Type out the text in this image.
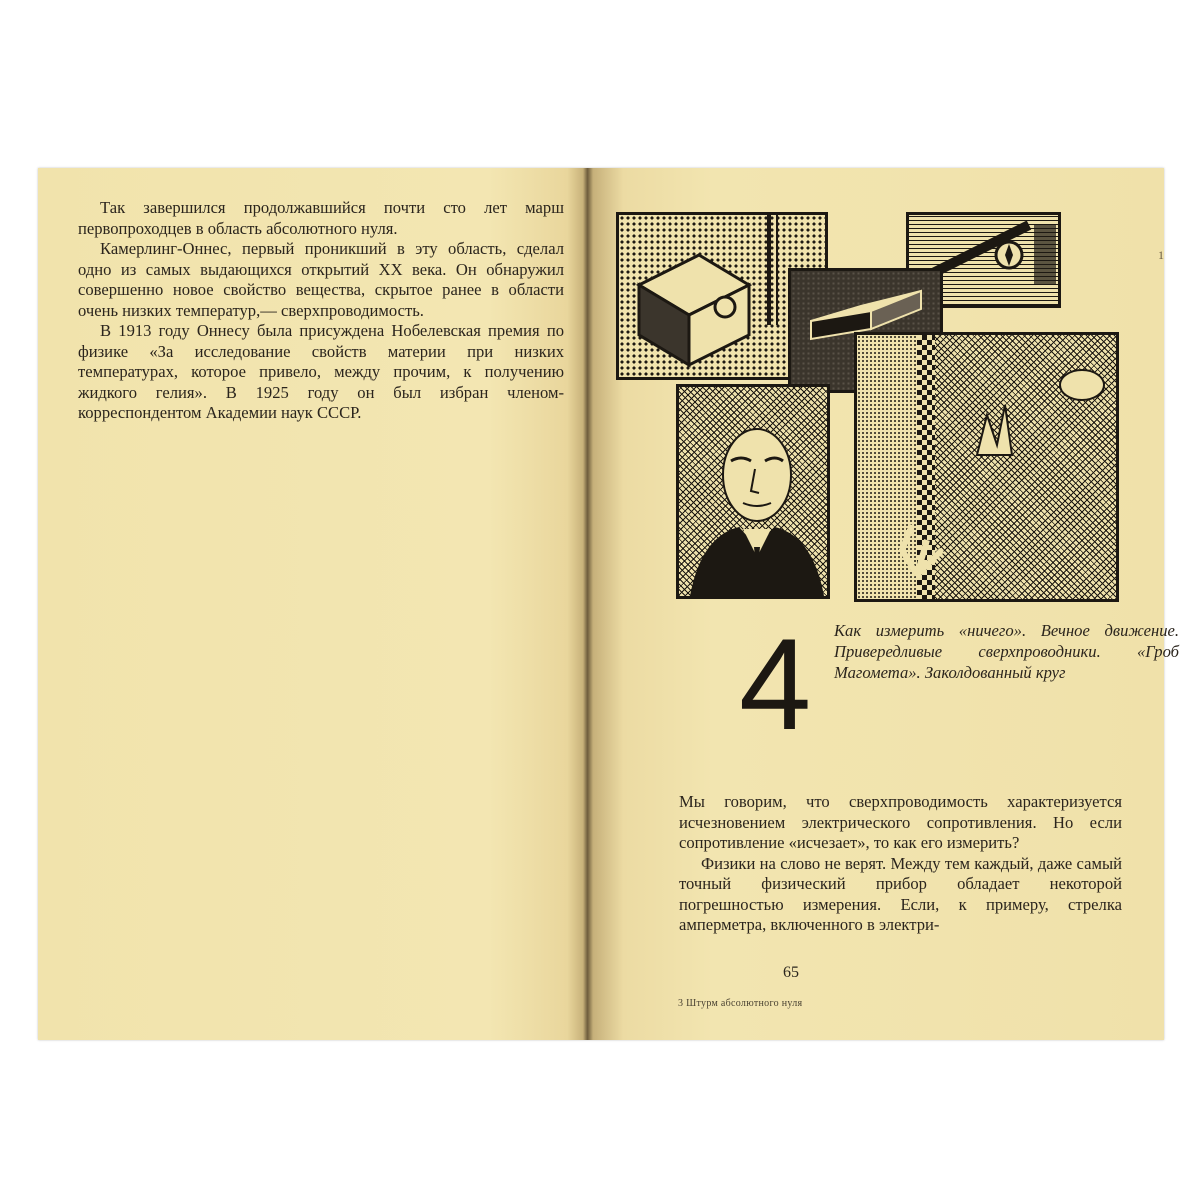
Так завершился продолжавшийся почти сто лет марш первопроходцев в область абсолютного нуля.

Камерлинг-Оннес, первый проникший в эту область, сделал одно из самых выдающихся открытий XX века. Он обнаружил совершенно новое свойство вещества, скрытое ранее в области очень низких температур,— сверхпроводимость.

В 1913 году Оннесу была присуждена Нобелевская премия по физике «За исследование свойств материи при низких температурах, которое привело, между прочим, к получению жидкого гелия». В 1925 году он был избран членом-корреспондентом Академии наук СССР.

1
4 Как измерить «ничего». Вечное движение. Привередливые сверхпроводники. «Гроб Магомета». Заколдованный круг

Мы говорим, что сверхпроводимость характеризуется исчезновением электрического сопротивления. Но если сопротивление «исчезает», то как его измерить?

Физики на слово не верят. Между тем каждый, даже самый точный физический прибор обладает некоторой погрешностью измерения. Если, к примеру, стрелка амперметра, включенного в электри-

65
3 Штурм абсолютного нуля
